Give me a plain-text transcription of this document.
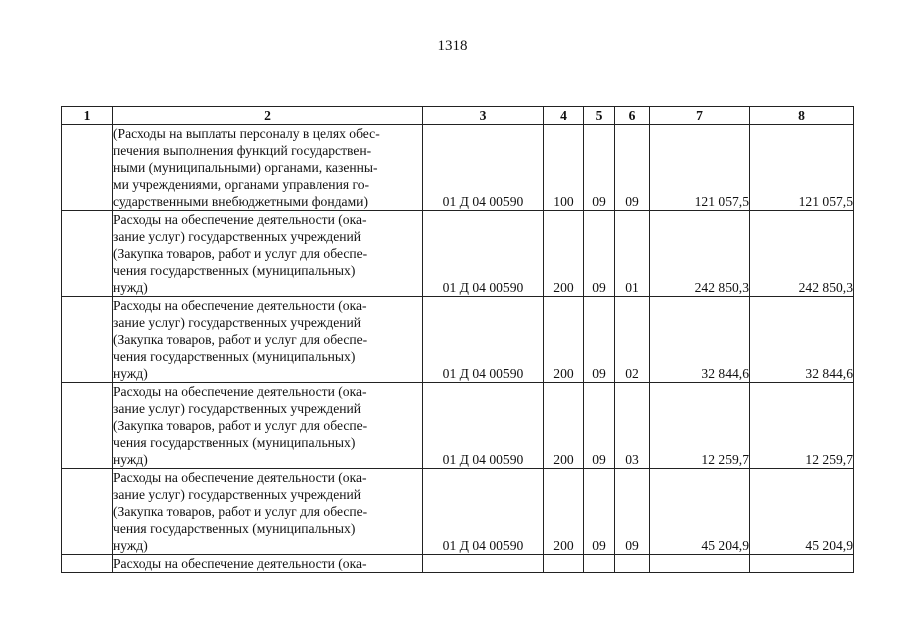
1318
1	2	3	4	5	6	7	8

	(Расходы на выплаты персоналу в целях обес-
печения выполнения функций государствен-
ными (муниципальными) органами, казенны-
ми учреждениями, органами управления го-
сударственными внебюджетными фондами)	01 Д 04 00590	100	09	09	121 057,5	121 057,5

	Расходы на обеспечение деятельности (ока-
зание услуг) государственных учреждений
(Закупка товаров, работ и услуг для обеспе-
чения государственных (муниципальных)
нужд)	01 Д 04 00590	200	09	01	242 850,3	242 850,3

	Расходы на обеспечение деятельности (ока-
зание услуг) государственных учреждений
(Закупка товаров, работ и услуг для обеспе-
чения государственных (муниципальных)
нужд)	01 Д 04 00590	200	09	02	32 844,6	32 844,6

	Расходы на обеспечение деятельности (ока-
зание услуг) государственных учреждений
(Закупка товаров, работ и услуг для обеспе-
чения государственных (муниципальных)
нужд)	01 Д 04 00590	200	09	03	12 259,7	12 259,7

	Расходы на обеспечение деятельности (ока-
зание услуг) государственных учреждений
(Закупка товаров, работ и услуг для обеспе-
чения государственных (муниципальных)
нужд)	01 Д 04 00590	200	09	09	45 204,9	45 204,9

	Расходы на обеспечение деятельности (ока-						
